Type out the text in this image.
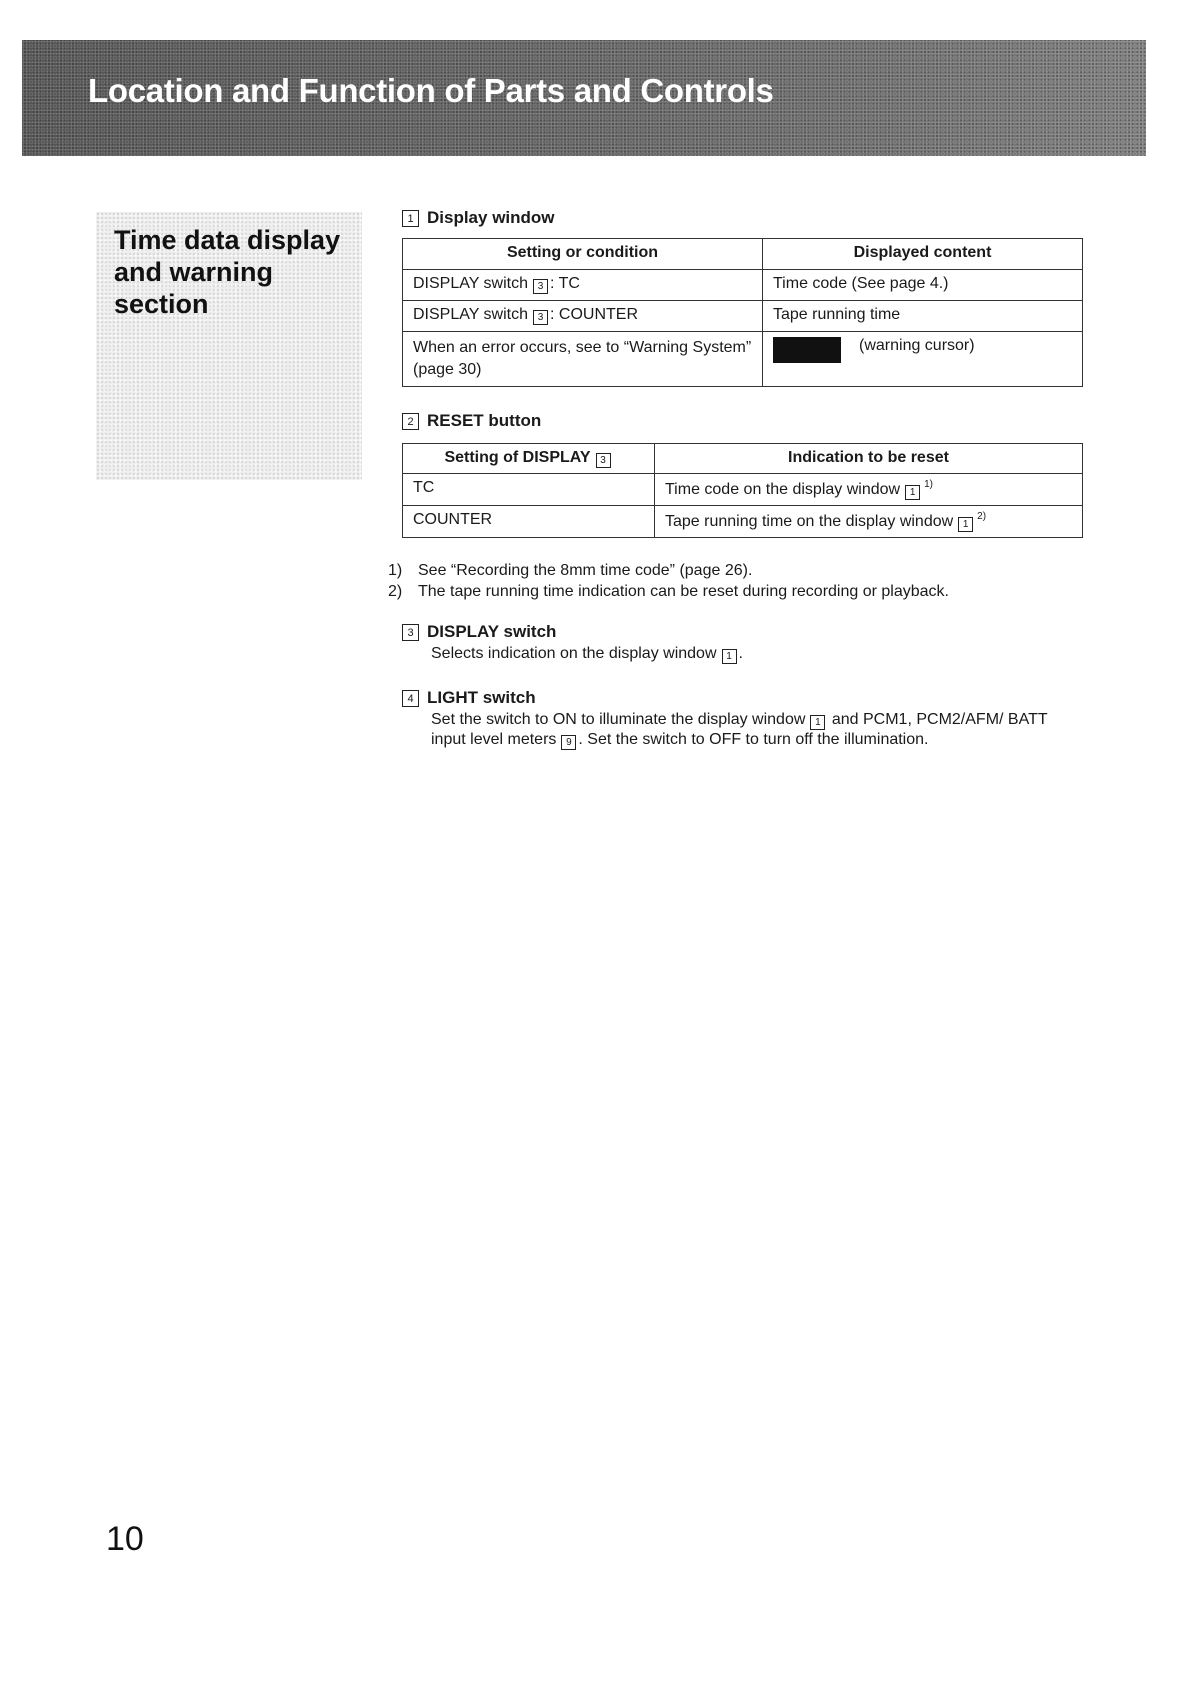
Location and Function of Parts and Controls
Time data display and warning section
1 Display window
Setting or condition	Displayed content
DISPLAY switch 3 : TC	Time code (See page 4.)
DISPLAY switch 3 : COUNTER	Tape running time
When an error occurs, see to “Warning System” (page 30)	(warning cursor)
2 RESET button
Setting of DISPLAY 3	Indication to be reset
TC	Time code on the display window 1$^{1)}$
COUNTER	Tape running time on the display window 1$^{2)}$

1) See “Recording the 8mm time code” (page 26).

2) The tape running time indication can be reset during recording or playback.

3 DISPLAY switch

Selects indication on the display window 1 .

4 LIGHT switch

Set the switch to ON to illuminate the display window 1 and PCM1, PCM2/AFM/ BATT input level meters 9 . Set the switch to OFF to turn off the illumination.

10
